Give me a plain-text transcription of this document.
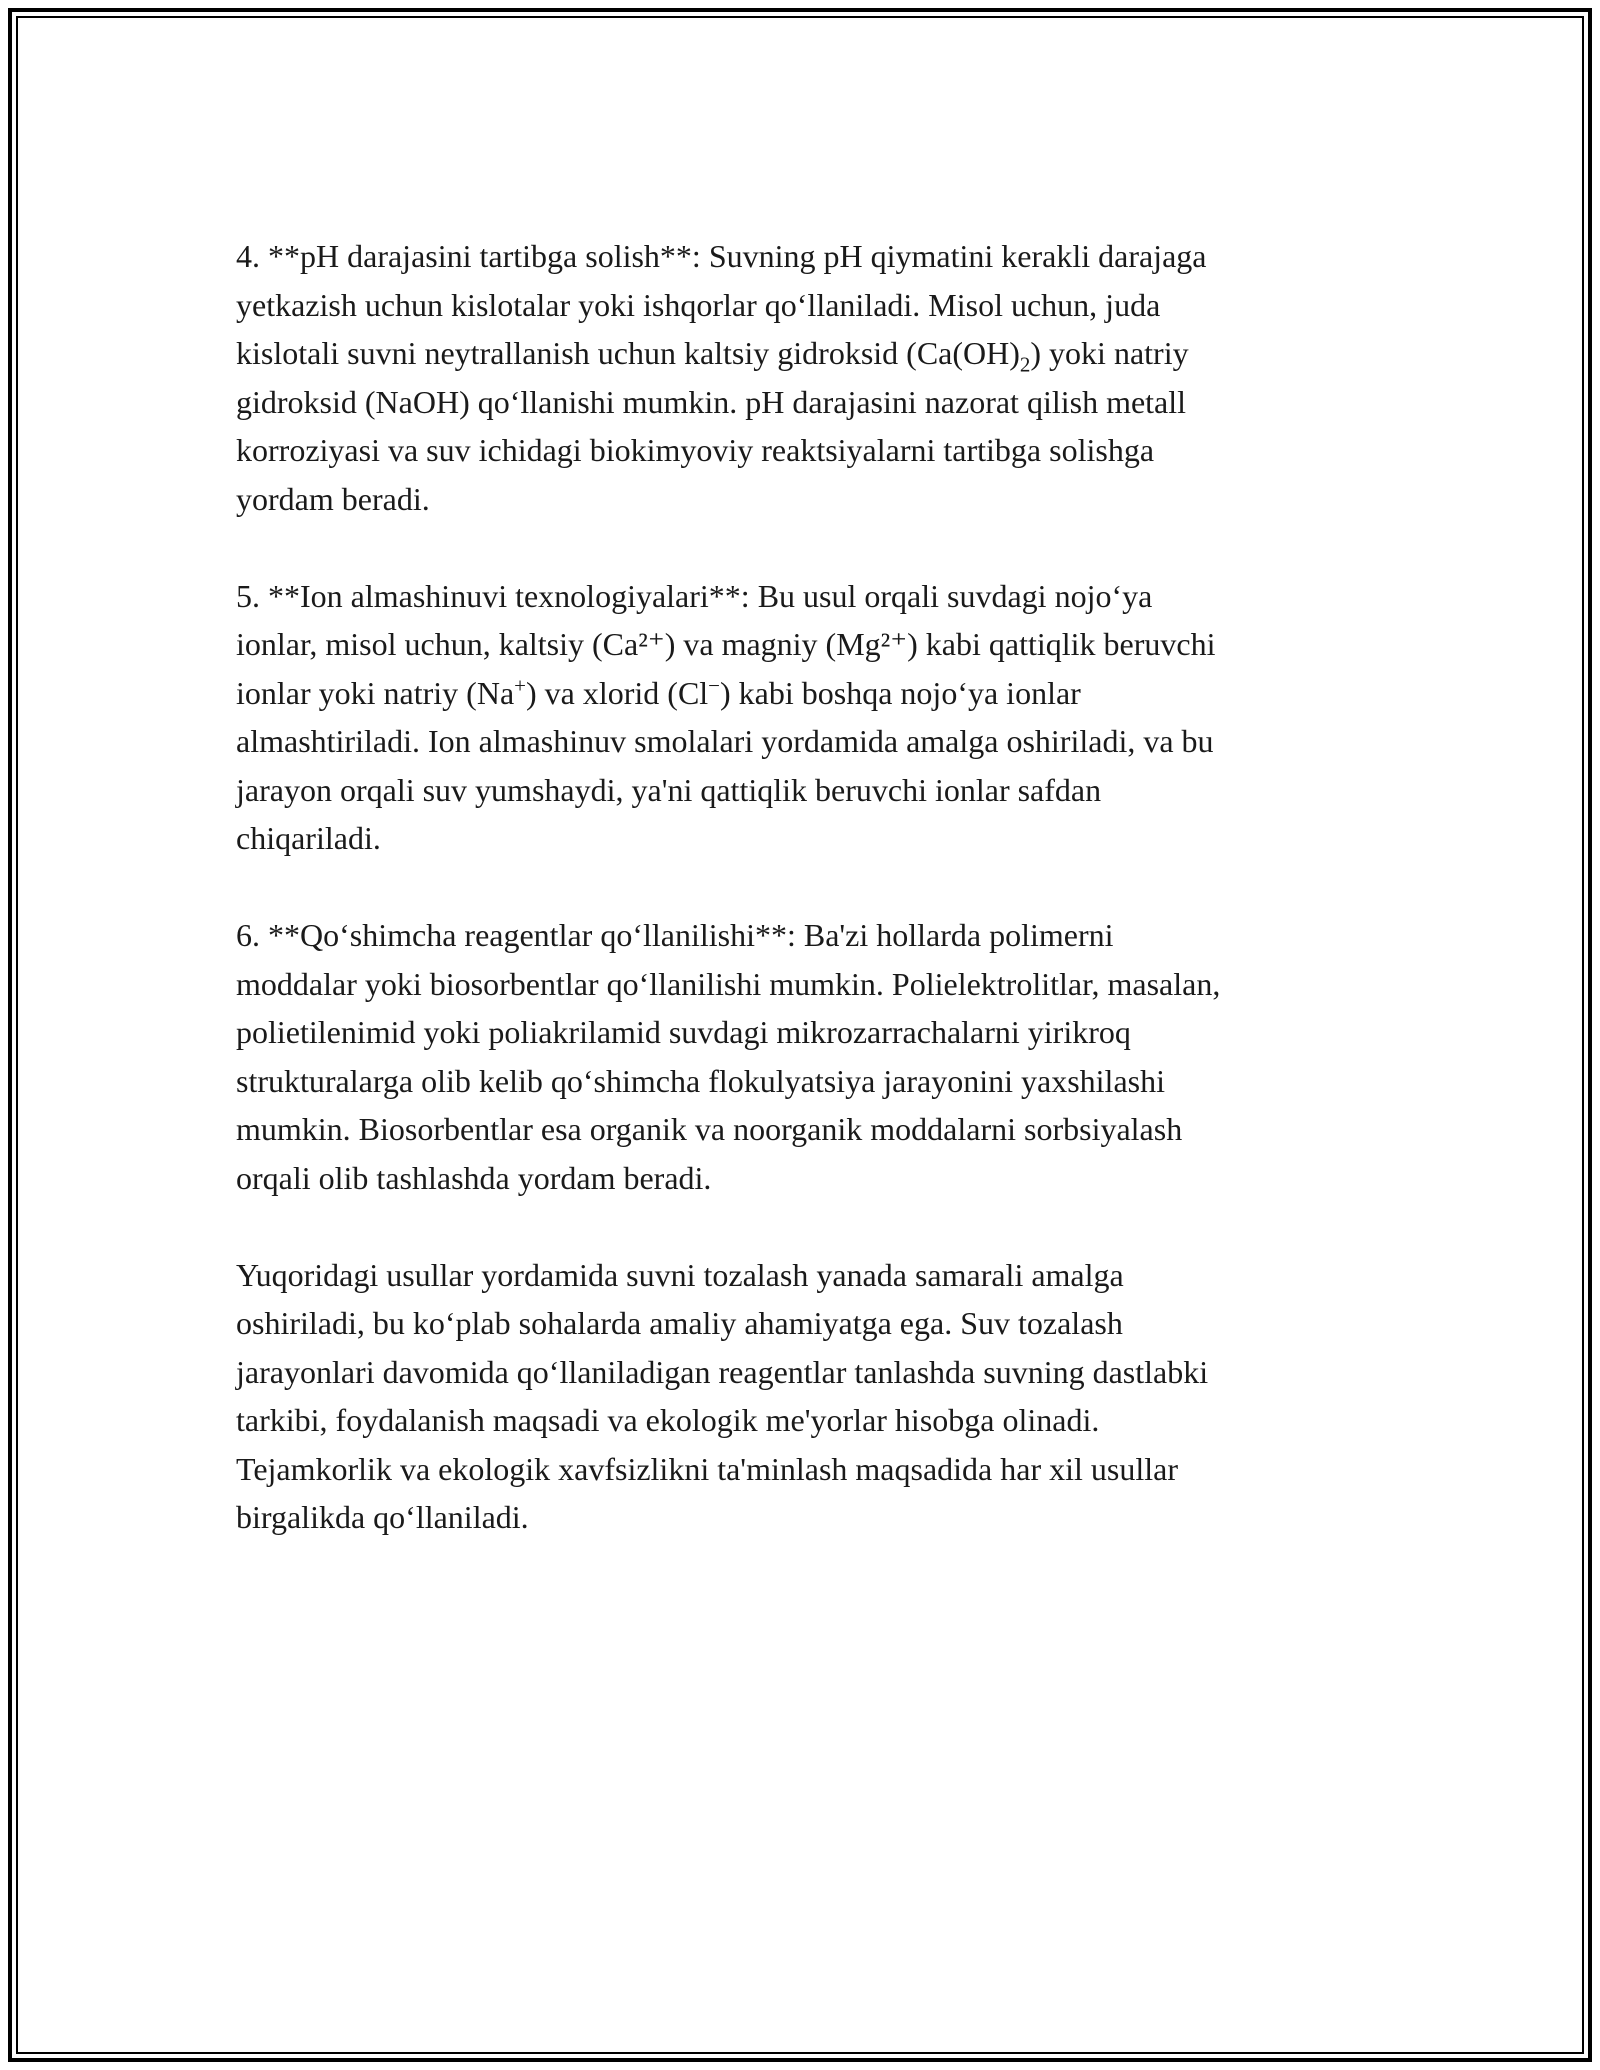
4. **pH darajasini tartibga solish**: Suvning pH qiymatini kerakli darajaga
yetkazish uchun kislotalar yoki ishqorlar qo‘llaniladi. Misol uchun, juda
kislotali suvni neytrallanish uchun kaltsiy gidroksid $(Ca(OH)_2)$ yoki natriy
gidroksid (NaOH) qo‘llanishi mumkin. pH darajasini nazorat qilish metall
korroziyasi va suv ichidagi biokimyoviy reaktsiyalarni tartibga solishga
yordam beradi.

5. **Ion almashinuvi texnologiyalari**: Bu usul orqali suvdagi nojo‘ya
ionlar, misol uchun, kaltsiy (Ca²⁺) va magniy (Mg²⁺) kabi qattiqlik beruvchi
ionlar yoki natriy (Na+) va xlorid (Cl−) kabi boshqa nojo‘ya ionlar
almashtiriladi. Ion almashinuv smolalari yordamida amalga oshiriladi, va bu
jarayon orqali suv yumshaydi, ya'ni qattiqlik beruvchi ionlar safdan
chiqariladi.

6. **Qo‘shimcha reagentlar qo‘llanilishi**: Ba'zi hollarda polimerni
moddalar yoki biosorbentlar qo‘llanilishi mumkin. Polielektrolitlar, masalan,
polietilenimid yoki poliakrilamid suvdagi mikrozarrachalarni yirikroq
strukturalarga olib kelib qo‘shimcha flokulyatsiya jarayonini yaxshilashi
mumkin. Biosorbentlar esa organik va noorganik moddalarni sorbsiyalash
orqali olib tashlashda yordam beradi.

Yuqoridagi usullar yordamida suvni tozalash yanada samarali amalga
oshiriladi, bu ko‘plab sohalarda amaliy ahamiyatga ega. Suv tozalash
jarayonlari davomida qo‘llaniladigan reagentlar tanlashda suvning dastlabki
tarkibi, foydalanish maqsadi va ekologik me'yorlar hisobga olinadi.
Tejamkorlik va ekologik xavfsizlikni ta'minlash maqsadida har xil usullar
birgalikda qo‘llaniladi.
